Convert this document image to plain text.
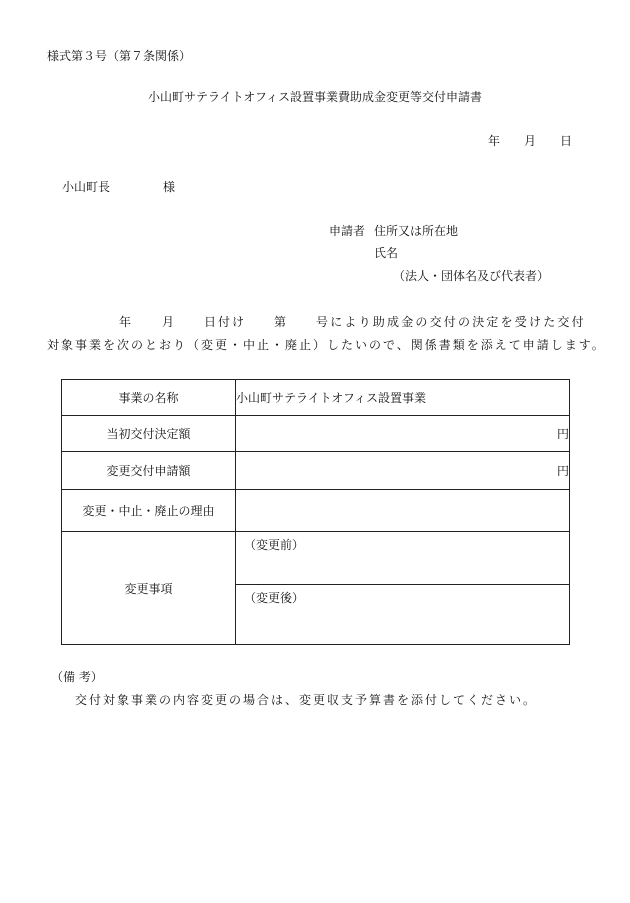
様式第３号（第７条関係）
小山町サテライトオフィス設置事業費助成金変更等交付申請書
年 月 日
小山町長	様
申請者 住所又は所在地
氏名
（法人・団体名及び代表者）
年	月 日付け 第 号により助成金の交付の決定を受けた交付
対象事業を次のとおり（変更・中止・廃止）したいので、関係書類を添えて申請します。
事業の名称	小山町サテライトオフィス設置事業
当初交付決定額	円
変更交付申請額	円
変更・中止・廃止の理由	
変更事項	（変更前）
（変更後）
（備 考）
交付対象事業の内容変更の場合は、変更収支予算書を添付してください。
